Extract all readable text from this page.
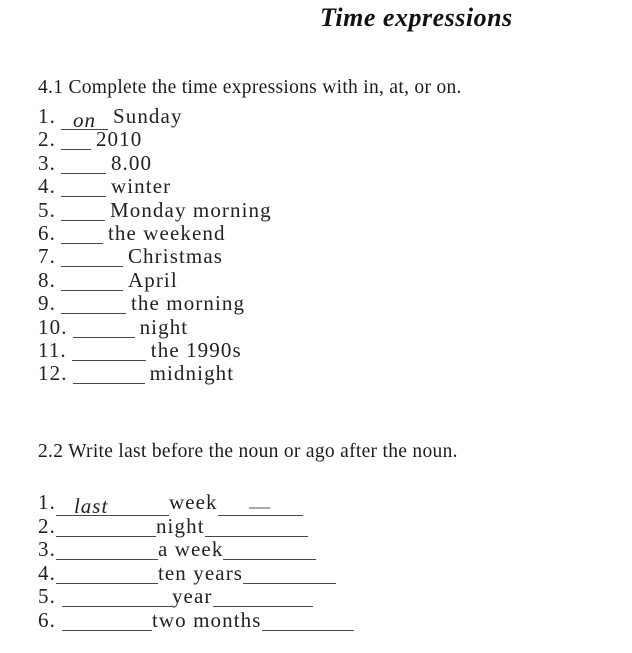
Time expressions
4.1 Complete the time expressions with in, at, or on.
1. on Sunday
2. 2010
3.	8.00
4.	winter
5.	Monday morning
6. the weekend
7.	Christmas
8.	April
9.	the morning
10.	night
11.	the 1990s
12.	midnight
2.2 Write last before the noun or ago after the noun.
1. last	week —
2.	night
3.	a week
4.	ten years
5.	year
6.	two months
